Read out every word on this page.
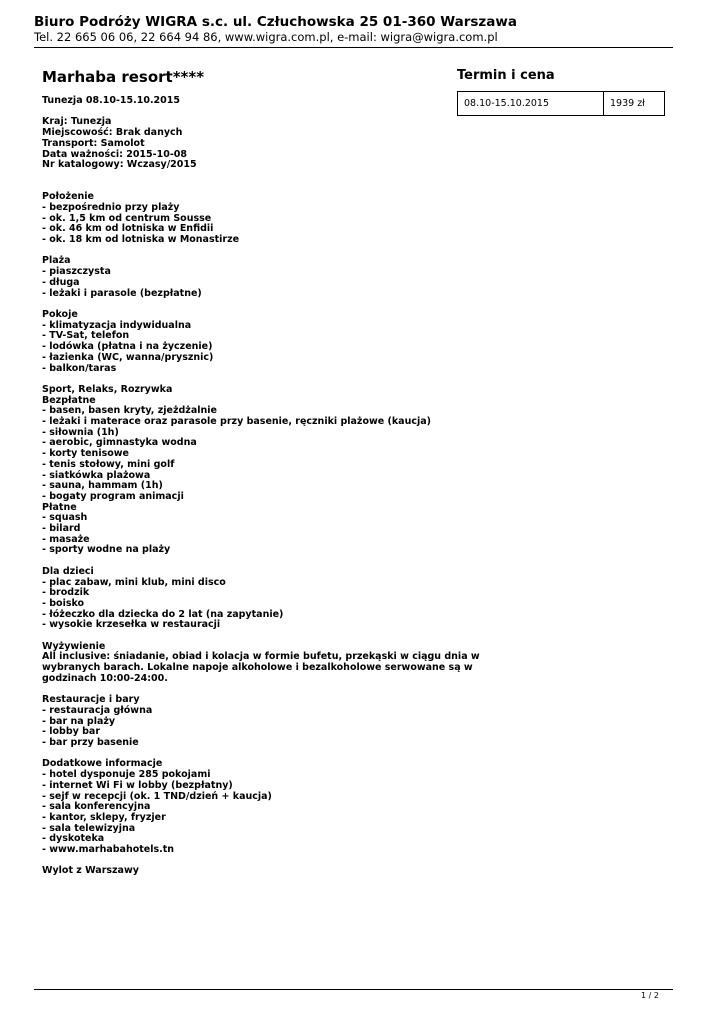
Biuro Podróży WIGRA s.c. ul. Człuchowska 25 01-360 Warszawa
Tel. 22 665 06 06, 22 664 94 86, www.wigra.com.pl, e-mail: wigra@wigra.com.pl
Marhaba resort****
Tunezja 08.10-15.10.2015
Kraj: Tunezja
Miejscowość: Brak danych
Transport: Samolot
Data ważności: 2015-10-08
Nr katalogowy: Wczasy/2015
Położenie
- bezpośrednio przy plaży
- ok. 1,5 km od centrum Sousse
- ok. 46 km od lotniska w Enfidii
- ok. 18 km od lotniska w Monastirze
Plaża
- piaszczysta
- długa
- leżaki i parasole (bezpłatne)
Pokoje
- klimatyzacja indywidualna
- TV-Sat, telefon
- lodówka (płatna i na życzenie)
- łazienka (WC, wanna/prysznic)
- balkon/taras
Sport, Relaks, Rozrywka
Bezpłatne
- basen, basen kryty, zjeżdżalnie
- leżaki i materace oraz parasole przy basenie, ręczniki plażowe (kaucja)
- siłownia (1h)
- aerobic, gimnastyka wodna
- korty tenisowe
- tenis stołowy, mini golf
- siatkówka plażowa
- sauna, hammam (1h)
- bogaty program animacji
Płatne
- squash
- bilard
- masaże
- sporty wodne na plaży
Dla dzieci
- plac zabaw, mini klub, mini disco
- brodzik
- boisko
- łóżeczko dla dziecka do 2 lat (na zapytanie)
- wysokie krzesełka w restauracji
Wyżywienie
All inclusive: śniadanie, obiad i kolacja w formie bufetu, przekąski w ciągu dnia w
wybranych barach. Lokalne napoje alkoholowe i bezalkoholowe serwowane są w
godzinach 10:00-24:00.
Restauracje i bary
- restauracja główna
- bar na plaży
- lobby bar
- bar przy basenie
Dodatkowe informacje
- hotel dysponuje 285 pokojami
- internet Wi Fi w lobby (bezpłatny)
- sejf w recepcji (ok. 1 TND/dzień + kaucja)
- sala konferencyjna
- kantor, sklepy, fryzjer
- sala telewizyjna
- dyskoteka
- www.marhabahotels.tn
Wylot z Warszawy
Termin i cena
08.10-15.10.2015	1939 zł
1 / 2
